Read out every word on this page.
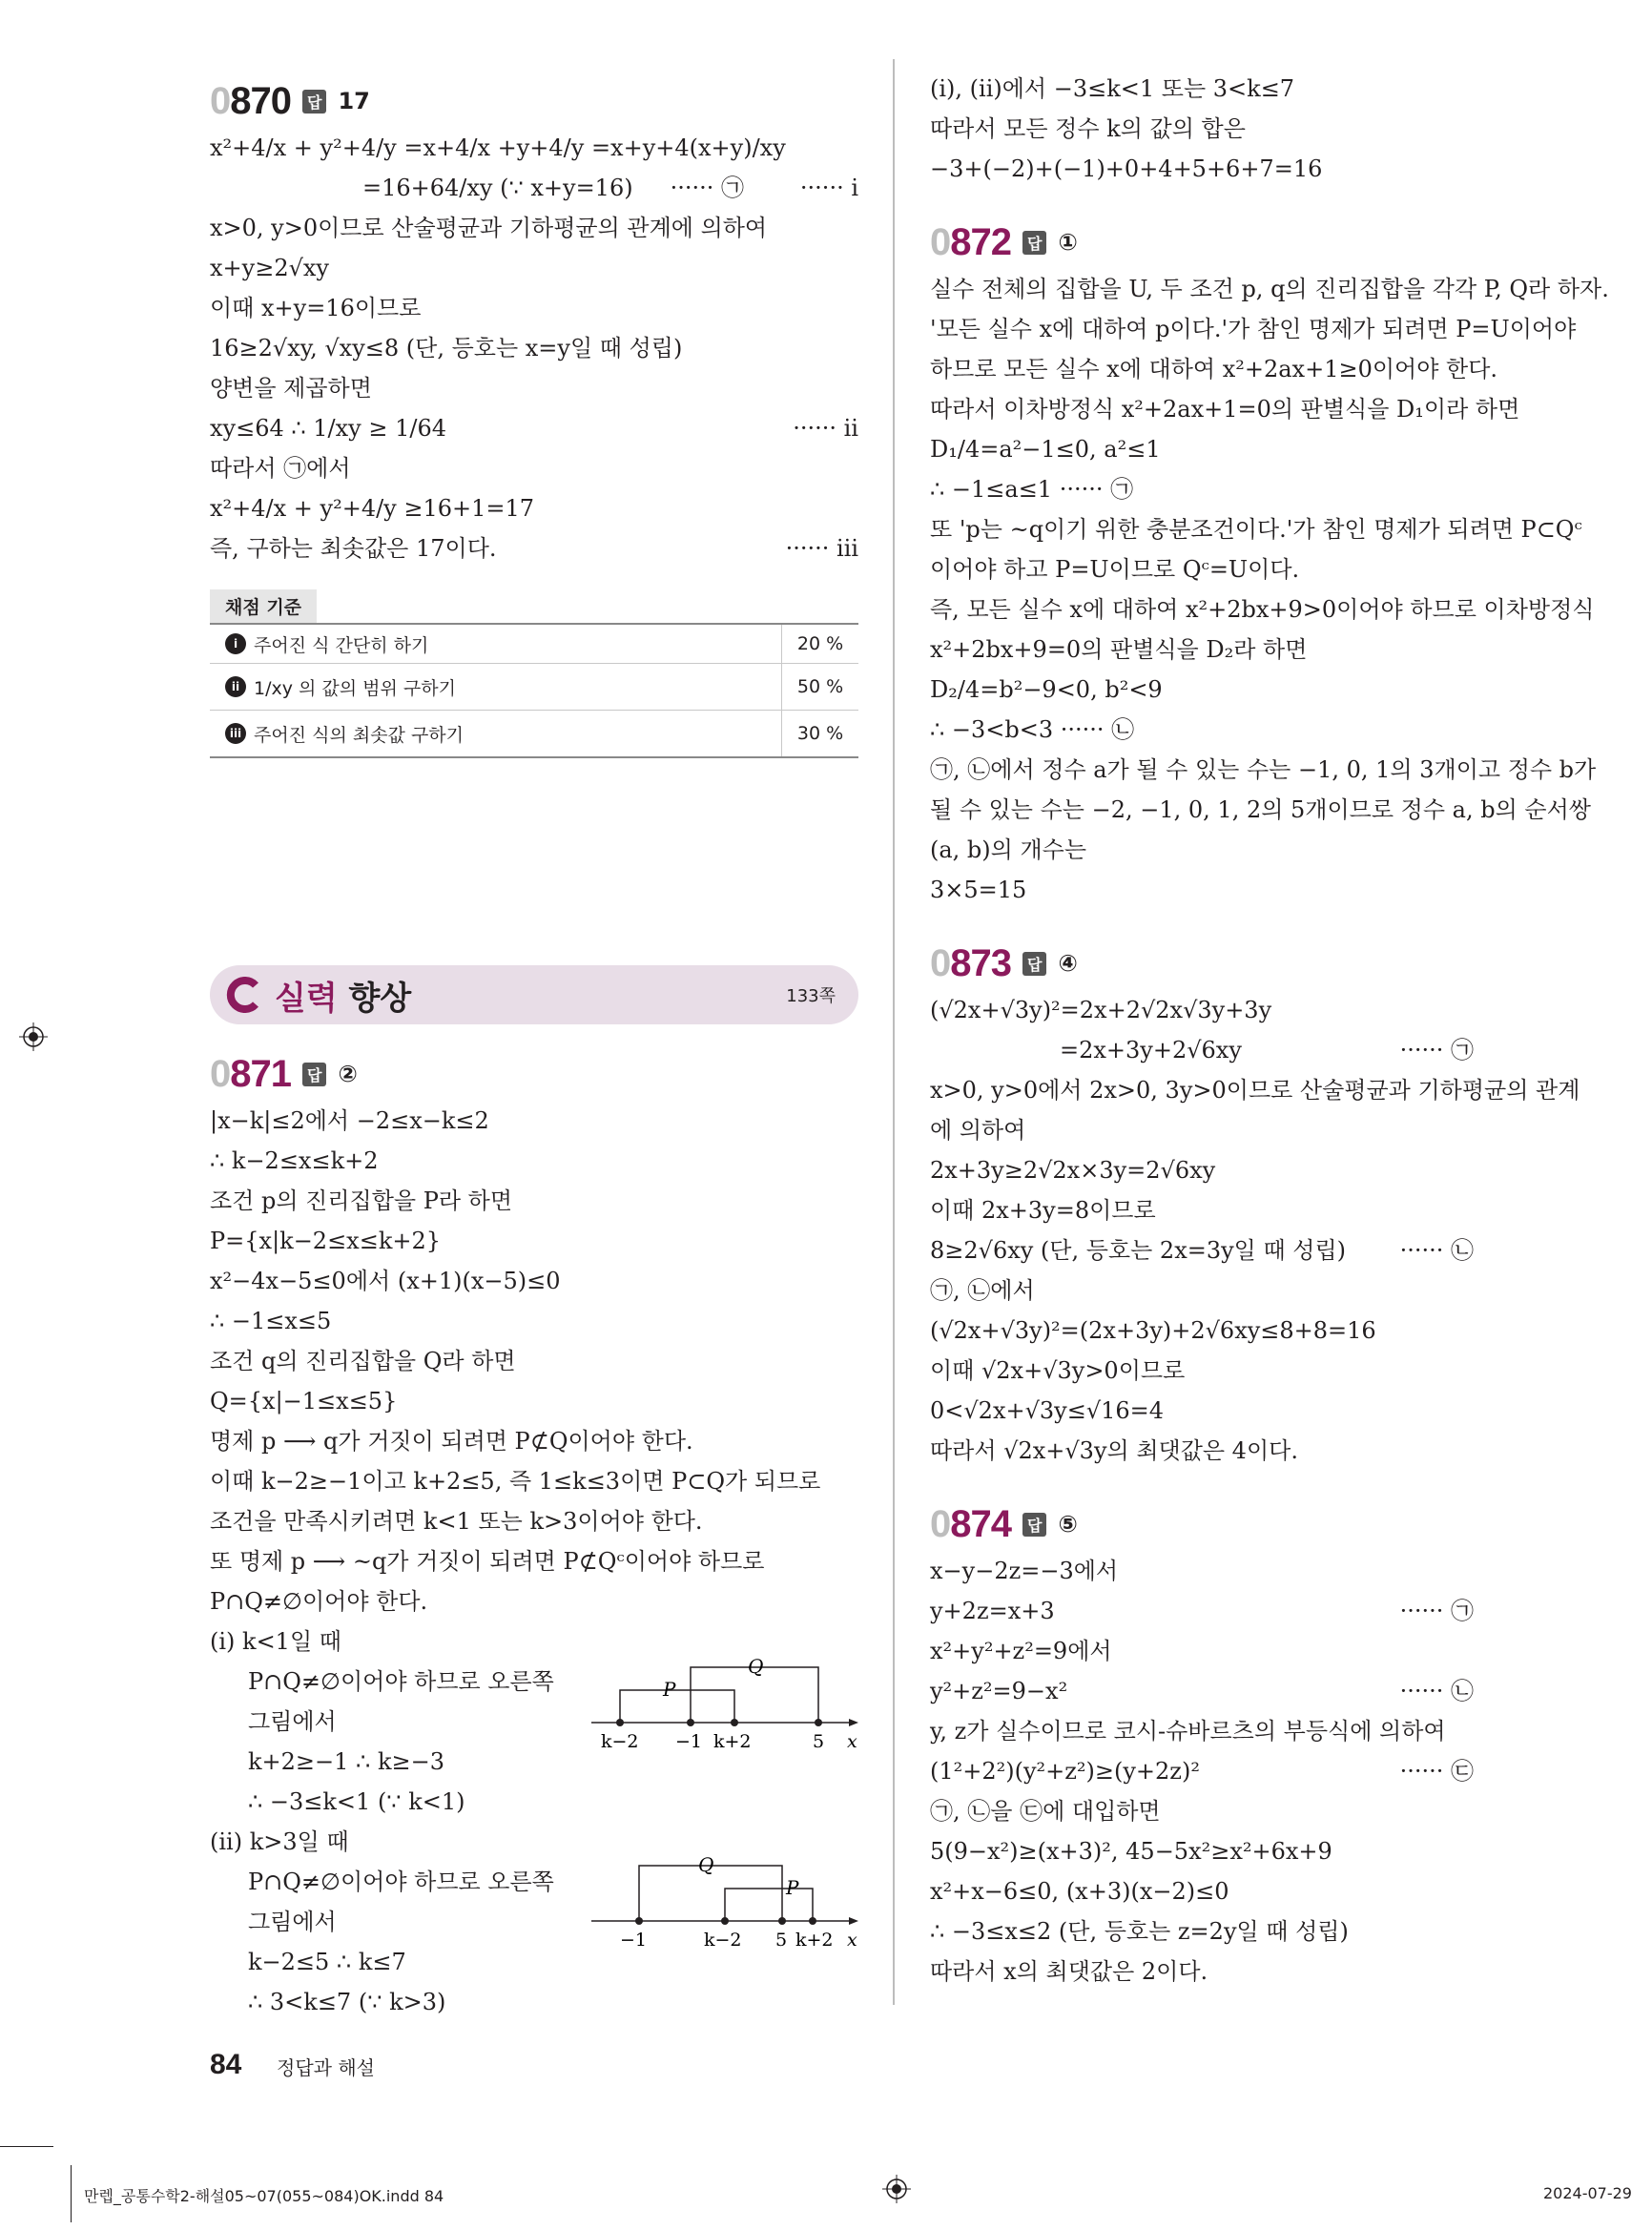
0870	답 17
x²+4/x + y²+4/y =x+4/x +y+4/y =x+y+4(x+y)/xy
=16+64/xy (∵ x+y=16) ······ ㉠ ······ ⅰ
x>0, y>0이므로 산술평균과 기하평균의 관계에 의하여
x+y≥2√xy
이때 x+y=16이므로
16≥2√xy, √xy≤8 (단, 등호는 x=y일 때 성립)
양변을 제곱하면
xy≤64 ∴ 1/xy ≥ 1/64	······ ⅱ
따라서 ㉠에서
x²+4/x + y²+4/y ≥16+1=17
즉, 구하는 최솟값은 17이다.	······ ⅲ
채점 기준
i 주어진 식 간단히 하기	20 %
ii 1/xy 의 값의 범위 구하기	50 %
iii 주어진 식의 최솟값 구하기	30 %
실력 향상	133쪽
0871	답 ②
|x−k|≤2에서 −2≤x−k≤2
∴ k−2≤x≤k+2
조건 p의 진리집합을 P라 하면
P={x|k−2≤x≤k+2}
x²−4x−5≤0에서 (x+1)(x−5)≤0
∴ −1≤x≤5
조건 q의 진리집합을 Q라 하면
Q={x|−1≤x≤5}
명제 p ⟶ q가 거짓이 되려면 P⊄Q이어야 한다.
이때 k−2≥−1이고 k+2≤5, 즉 1≤k≤3이면 P⊂Q가 되므로
조건을 만족시키려면 k<1 또는 k>3이어야 한다.
또 명제 p ⟶ ~q가 거짓이 되려면 P⊄Qᶜ이어야 하므로
P∩Q≠∅이어야 한다.
(i) k<1일 때
P∩Q≠∅이어야 하므로 오른쪽
그림에서
k+2≥−1 ∴ k≥−3
∴ −3≤k<1 (∵ k<1)
(ii) k>3일 때
P∩Q≠∅이어야 하므로 오른쪽
그림에서
k−2≤5 ∴ k≤7
∴ 3<k≤7 (∵ k>3)
P
Q
k−2 −1 k+2	5 x
Q
P
−1	k−2 5 k+2 x
(i), (ii)에서 −3≤k<1 또는 3<k≤7
따라서 모든 정수 k의 값의 합은
−3+(−2)+(−1)+0+4+5+6+7=16
0872	답 ①
실수 전체의 집합을 U, 두 조건 p, q의 진리집합을 각각 P, Q라 하자.
'모든 실수 x에 대하여 p이다.'가 참인 명제가 되려면 P=U이어야
하므로 모든 실수 x에 대하여 x²+2ax+1≥0이어야 한다.
따라서 이차방정식 x²+2ax+1=0의 판별식을 D₁이라 하면
D₁/4=a²−1≤0, a²≤1
∴ −1≤a≤1 ······ ㉠
또 'p는 ~q이기 위한 충분조건이다.'가 참인 명제가 되려면 P⊂Qᶜ
이어야 하고 P=U이므로 Qᶜ=U이다.
즉, 모든 실수 x에 대하여 x²+2bx+9>0이어야 하므로 이차방정식
x²+2bx+9=0의 판별식을 D₂라 하면
D₂/4=b²−9<0, b²<9
∴ −3<b<3 ······ ㉡
㉠, ㉡에서 정수 a가 될 수 있는 수는 −1, 0, 1의 3개이고 정수 b가
될 수 있는 수는 −2, −1, 0, 1, 2의 5개이므로 정수 a, b의 순서쌍
(a, b)의 개수는
3×5=15
0873	답 ④
(√2x+√3y)²=2x+2√2x√3y+3y
=2x+3y+2√6xy	······ ㉠
x>0, y>0에서 2x>0, 3y>0이므로 산술평균과 기하평균의 관계
에 의하여
2x+3y≥2√2x×3y=2√6xy
이때 2x+3y=8이므로
8≥2√6xy (단, 등호는 2x=3y일 때 성립) ······ ㉡
㉠, ㉡에서
(√2x+√3y)²=(2x+3y)+2√6xy≤8+8=16
이때 √2x+√3y>0이므로
0<√2x+√3y≤√16=4
따라서 √2x+√3y의 최댓값은 4이다.
0874	답 ⑤
x−y−2z=−3에서
y+2z=x+3	······ ㉠
x²+y²+z²=9에서
y²+z²=9−x²	······ ㉡
y, z가 실수이므로 코시-슈바르츠의 부등식에 의하여
(1²+2²)(y²+z²)≥(y+2z)²	······ ㉢
㉠, ㉡을 ㉢에 대입하면
5(9−x²)≥(x+3)², 45−5x²≥x²+6x+9
x²+x−6≤0, (x+3)(x−2)≤0
∴ −3≤x≤2 (단, 등호는 z=2y일 때 성립)
따라서 x의 최댓값은 2이다.
84 정답과 해설
만렙_공통수학2-해설05~07(055~084)OK.indd 84	2024-07-29
